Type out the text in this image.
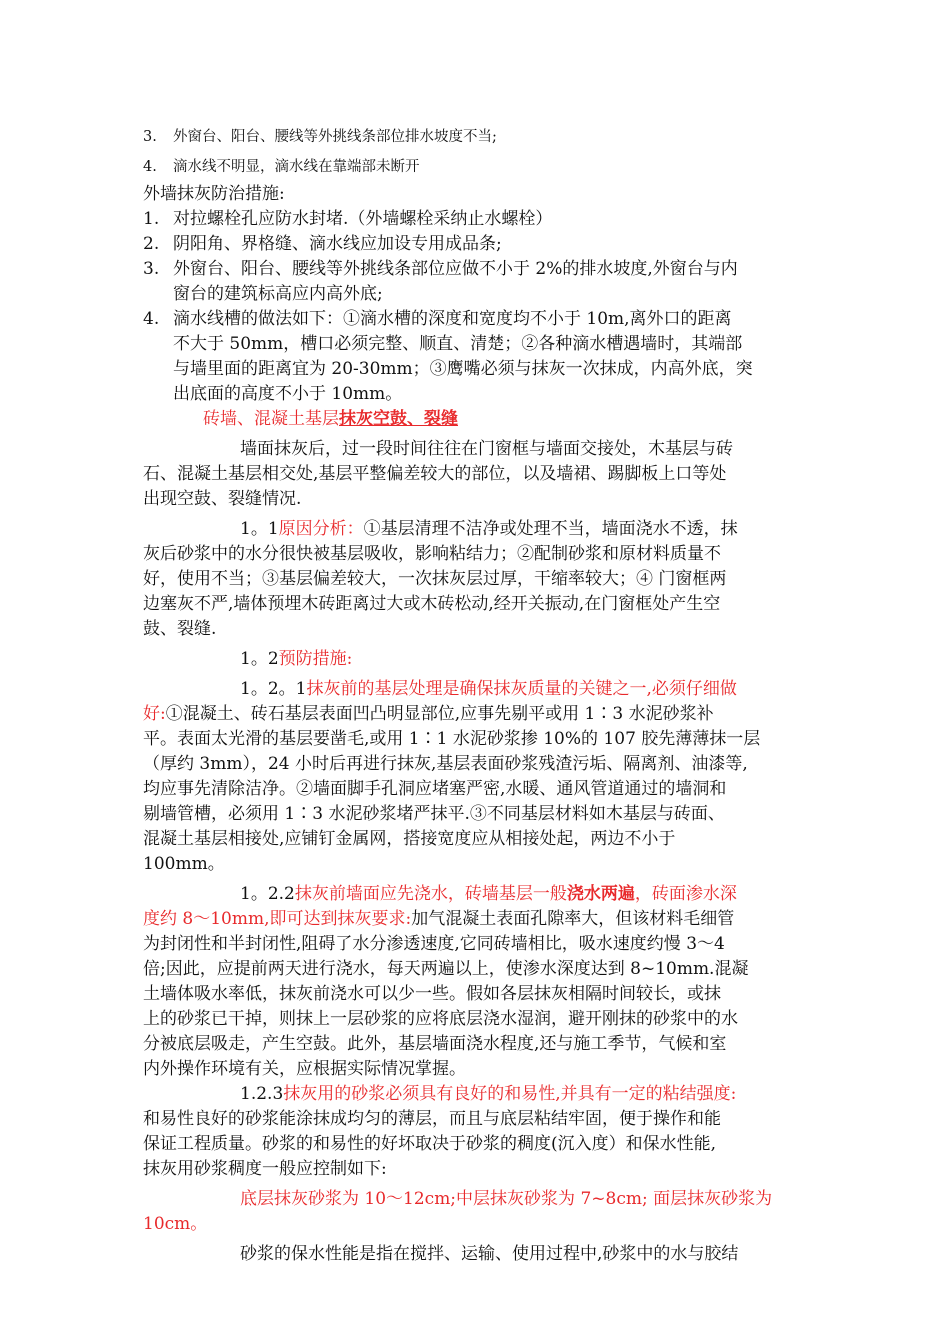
3. 外窗台、阳台、腰线等外挑线条部位排水坡度不当;
4. 滴水线不明显，滴水线在靠端部未断开
外墙抹灰防治措施:
1. 对拉螺栓孔应防水封堵.（外墙螺栓采纳止水螺栓）
2. 阴阳角、界格缝、滴水线应加设专用成品条;
3. 外窗台、阳台、腰线等外挑线条部位应做不小于 2%的排水坡度,外窗台与内
窗台的建筑标高应内高外底;
4. 滴水线槽的做法如下：①滴水槽的深度和宽度均不小于 10m,离外口的距离
不大于 50mm，槽口必须完整、顺直、清楚；②各种滴水槽遇墙时，其端部
与墙里面的距离宜为 20-30mm；③鹰嘴必须与抹灰一次抹成，内高外底，突
出底面的高度不小于 10mm。
砖墙、混凝土基层抹灰空鼓、裂缝
墙面抹灰后，过一段时间往往在门窗框与墙面交接处，木基层与砖
石、混凝土基层相交处,基层平整偏差较大的部位，以及墙裙、踢脚板上口等处
出现空鼓、裂缝情况.
1。1原因分析：①基层清理不洁净或处理不当，墙面浇水不透，抹
灰后砂浆中的水分很快被基层吸收，影响粘结力；②配制砂浆和原材料质量不
好，使用不当；③基层偏差较大，一次抹灰层过厚，干缩率较大；④ 门窗框两
边塞灰不严,墙体预埋木砖距离过大或木砖松动,经开关振动,在门窗框处产生空
鼓、裂缝.
1。2预防措施:
1。2。1抹灰前的基层处理是确保抹灰质量的关键之一,必须仔细做
好:①混凝土、砖石基层表面凹凸明显部位,应事先剔平或用 1∶3 水泥砂浆补
平。表面太光滑的基层要凿毛,或用 1∶1 水泥砂浆掺 10%的 107 胶先薄薄抹一层
（厚约 3mm），24 小时后再进行抹灰,基层表面砂浆残渣污垢、隔离剂、油漆等,
均应事先清除洁净。②墙面脚手孔洞应堵塞严密,水暖、通风管道通过的墙洞和
剔墙管槽，必须用 1∶3 水泥砂浆堵严抹平.③不同基层材料如木基层与砖面、
混凝土基层相接处,应铺钉金属网，搭接宽度应从相接处起，两边不小于
100mm。
1。2.2抹灰前墙面应先浇水，砖墙基层一般浇水两遍，砖面渗水深
度约 8～10mm,即可达到抹灰要求:加气混凝土表面孔隙率大，但该材料毛细管
为封闭性和半封闭性,阻碍了水分渗透速度,它同砖墙相比，吸水速度约慢 3～4
倍;因此，应提前两天进行浇水，每天两遍以上，使渗水深度达到 8~10mm.混凝
土墙体吸水率低，抹灰前浇水可以少一些。假如各层抹灰相隔时间较长，或抹
上的砂浆已干掉，则抹上一层砂浆的应将底层浇水湿润，避开刚抹的砂浆中的水
分被底层吸走，产生空鼓。此外，基层墙面浇水程度,还与施工季节，气候和室
内外操作环境有关，应根据实际情况掌握。
1.2.3抹灰用的砂浆必须具有良好的和易性,并具有一定的粘结强度:
和易性良好的砂浆能涂抹成均匀的薄层，而且与底层粘结牢固，便于操作和能
保证工程质量。砂浆的和易性的好坏取决于砂浆的稠度(沉入度）和保水性能,
抹灰用砂浆稠度一般应控制如下:
底层抹灰砂浆为 10～12cm;中层抹灰砂浆为 7~8cm; 面层抹灰砂浆为
10cm。
砂浆的保水性能是指在搅拌、运输、使用过程中,砂浆中的水与胶结
